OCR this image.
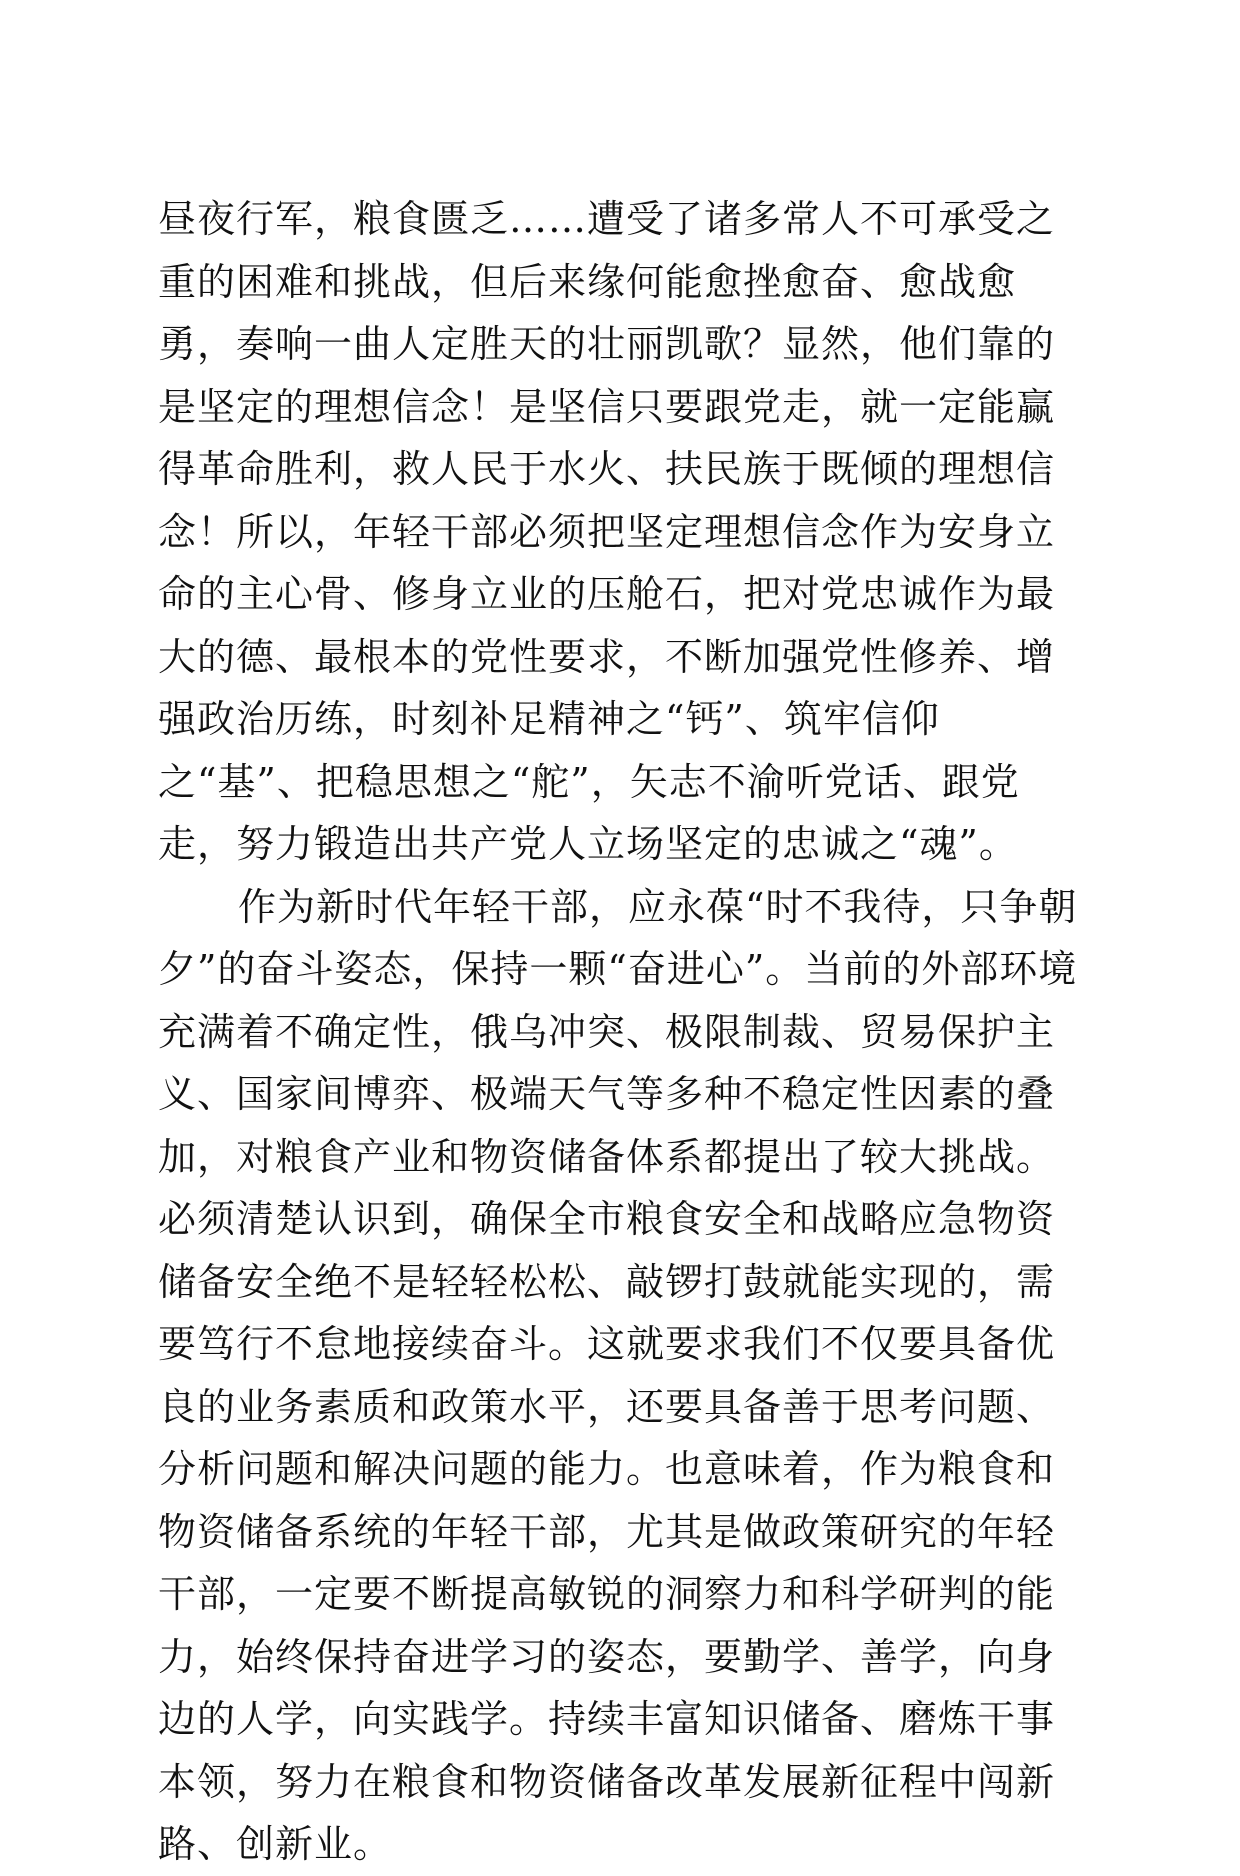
昼夜行军，粮食匮乏……遭受了诸多常人不可承受之重的困难和挑战，但后来缘何能愈挫愈奋、愈战愈勇，奏响一曲人定胜天的壮丽凯歌？显然，他们靠的是坚定的理想信念！是坚信只要跟党走，就一定能赢得革命胜利，救人民于水火、扶民族于既倾的理想信念！所以，年轻干部必须把坚定理想信念作为安身立命的主心骨、修身立业的压舱石，把对党忠诚作为最大的德、最根本的党性要求，不断加强党性修养、增强政治历练，时刻补足精神之“钙”、筑牢信仰之“基”、把稳思想之“舵”，矢志不渝听党话、跟党走，努力锻造出共产党人立场坚定的忠诚之“魂”。

作为新时代年轻干部，应永葆“时不我待，只争朝夕”的奋斗姿态，保持一颗“奋进心”。当前的外部环境充满着不确定性，俄乌冲突、极限制裁、贸易保护主义、国家间博弈、极端天气等多种不稳定性因素的叠加，对粮食产业和物资储备体系都提出了较大挑战。必须清楚认识到，确保全市粮食安全和战略应急物资储备安全绝不是轻轻松松、敲锣打鼓就能实现的，需要笃行不怠地接续奋斗。这就要求我们不仅要具备优良的业务素质和政策水平，还要具备善于思考问题、分析问题和解决问题的能力。也意味着，作为粮食和物资储备系统的年轻干部，尤其是做政策研究的年轻干部，一定要不断提高敏锐的洞察力和科学研判的能力，始终保持奋进学习的姿态，要勤学、善学，向身边的人学，向实践学。持续丰富知识储备、磨炼干事本领，努力在粮食和物资储备改革发展新征程中闯新路、创新业。
